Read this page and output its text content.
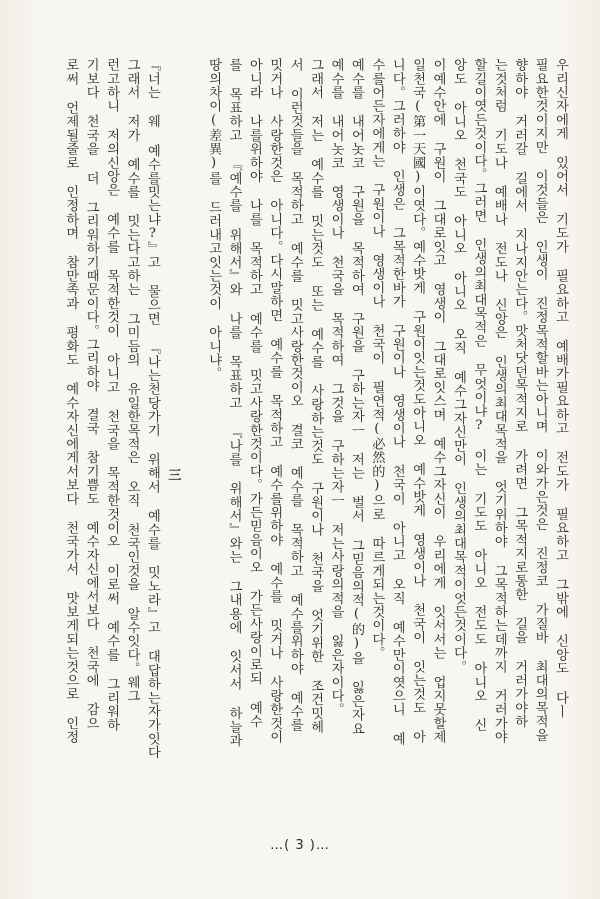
우리신자에게 있어서 기도가 필요하고 예배가필요하고 전도가 필요하고 그밖에 신앙도 다ㅣ
필요한것이지만 이것들은 인생이 진정목적할바는아니며 이와가은것은 진정코 가질바 최대의목적을
향하야 거러갈 길에서 지나지안는다。맛처닷던목적지로 가려면 그목적지로통한 길을 거러가야하
는것처럼 기도나 예배나 전도나 신앙은 인생의최대목적을 엇기위하야 그목적하는데까지 거러가야
할길이엿든것이다。그러면 인생의최대목적은 무엇이냐? 이는 기도도 아니오 전도도 아니오 신
앙도 아니오 천국도 아니오 아니오 오직 예수그자신만이 인생의최대목적이엇든것이다。
이예수안에 구원이 그대로잇고 영생이 그대로잇스며 예수그자신이 우리에게 잇서서는 업지못할제
일천국(第一天國)이엿다。예수밧게 구원이잇는것도아니오 예수밧게 영생이나 천국이 잇는것도 아
니다。그러하야 인생은 그목적한바가 구원이나 영생이나 천국이 아니고 오직 예수만이엿으니 예
수를어든자에게는 구원이나 영생이나 천국이 필연적(必然的)으로 따르게되는것이다。
예수를 내어놋코 구원을 목적하여 구원을 구하는자ㅡ 저는 벌서 그믿음의적(的)을 잃은자요
예수를 내어놋코 영생이나 천국을 목적하여 그것을 구하는자ㅡ 저는사랑의적을 잃은자이다。
그래서 저는 예수를 밋는것도 또는 예수를 사랑하는것도 구원이나 천국을 엇기위한 조건밋헤
서 이런것들을 목적하고 예수를 밋고사랑한것이오 결코 예수를 목적하고 예수를위하야 예수를
밋거나 사랑한것은 아니다。다시말하면 예수를 목적하고 예수를위하야 예수를 밋거나 사랑한것이
아니라 나를위하야 나를 목적하고 예수를 밋고사랑한것이다。가든믿음이오 가든사랑이로되 예수
를 목표하고 『예수를 위해서』와 나를 목표하고 『나를 위해서』와는 그내용에 잇서서 하늘과
땅의차이(差異)를 드러내고잇는것이 아니냐。
三
『너는 웨 예수를밋는냐?』고 물으면 『나는천당가기 위해서 예수를 밋노라』고 대답하는자가잇다
그래서 저가 예수를 밋는다고하는 그미듬의 유일한목적은 오직 천국인것을 알수잇다。웨그
런고하니 저의신앙은 예수를 목적한것이 아니고 천국을 목적한것이오 이로써 예수를 그리워하
기보다 천국을 더 그리워하기때문이다。그리하야 결국 참기쁨도 예수자신에서보다 천국에 감으
로써 언제될줄로 인정하며 참만족과 평화도 예수자신에게서보다 천국가서 맛보게되는것으로 인정
…( 3 )…
